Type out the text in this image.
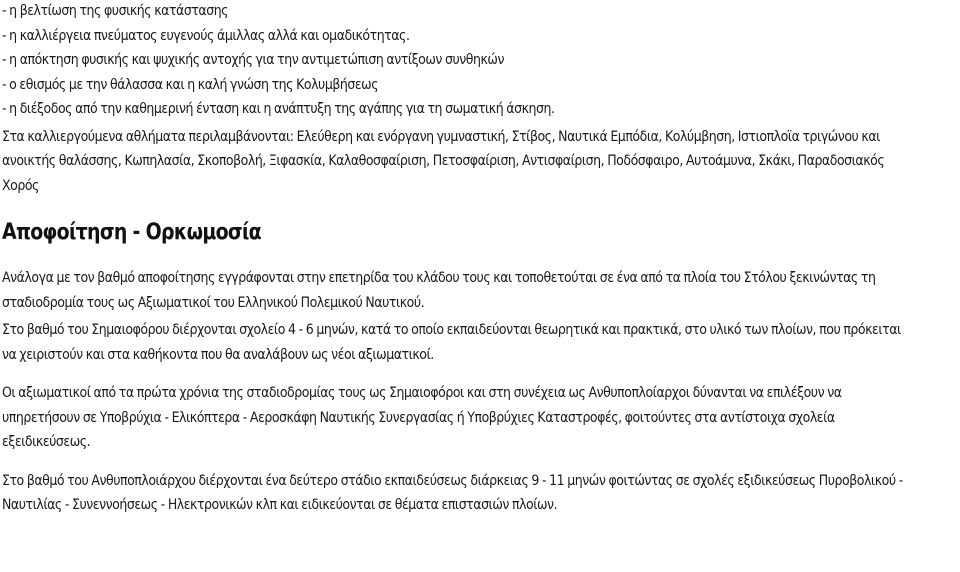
- η βελτίωση της φυσικής κατάστασης
- η καλλιέργεια πνεύματος ευγενούς άμιλλας αλλά και ομαδικότητας.
- η απόκτηση φυσικής και ψυχικής αντοχής για την αντιμετώπιση αντίξοων συνθηκών
- ο εθισμός με την θάλασσα και η καλή γνώση της Κολυμβήσεως
- η διέξοδος από την καθημερινή ένταση και η ανάπτυξη της αγάπης για τη σωματική άσκηση.
Στα καλλιεργούμενα αθλήματα περιλαμβάνονται: Ελεύθερη και ενόργανη γυμναστική, Στίβος, Ναυτικά Εμπόδια, Κολύμβηση, Ιστιοπλοϊα τριγώνου και
ανοικτής θαλάσσης, Κωπηλασία, Σκοποβολή, Ξιφασκία, Καλαθοσφαίριση, Πετοσφαίριση, Αντισφαίριση, Ποδόσφαιρο, Αυτοάμυνα, Σκάκι, Παραδοσιακός
Χορός
Αποφοίτηση - Ορκωμοσία
Ανάλογα με τον βαθμό αποφοίτησης εγγράφονται στην επετηρίδα του κλάδου τους και τοποθετούται σε ένα από τα πλοία του Στόλου ξεκινώντας τη
σταδιοδρομία τους ως Αξιωματικοί του Ελληνικού Πολεμικού Ναυτικού.
Στο βαθμό του Σημαιοφόρου διέρχονται σχολείο 4 - 6 μηνών, κατά το οποίο εκπαιδεύονται θεωρητικά και πρακτικά, στο υλικό των πλοίων, που πρόκειται
να χειριστούν και στα καθήκοντα που θα αναλάβουν ως νέοι αξιωματικοί.
Οι αξιωματικοί από τα πρώτα χρόνια της σταδιοδρομίας τους ως Σημαιοφόροι και στη συνέχεια ως Ανθυποπλοίαρχοι δύνανται να επιλέξουν να
υπηρετήσουν σε Υποβρύχια - Ελικόπτερα - Αεροσκάφη Ναυτικής Συνεργασίας ή Υποβρύχιες Καταστροφές, φοιτούντες στα αντίστοιχα σχολεία
εξειδικεύσεως.
Στο βαθμό του Ανθυποπλοιάρχου διέρχονται ένα δεύτερο στάδιο εκπαιδεύσεως διάρκειας 9 - 11 μηνών φοιτώντας σε σχολές εξιδικεύσεως Πυροβολικού -
Ναυτιλίας - Συνεννοήσεως - Ηλεκτρονικών κλπ και ειδικεύονται σε θέματα επιστασιών πλοίων.
